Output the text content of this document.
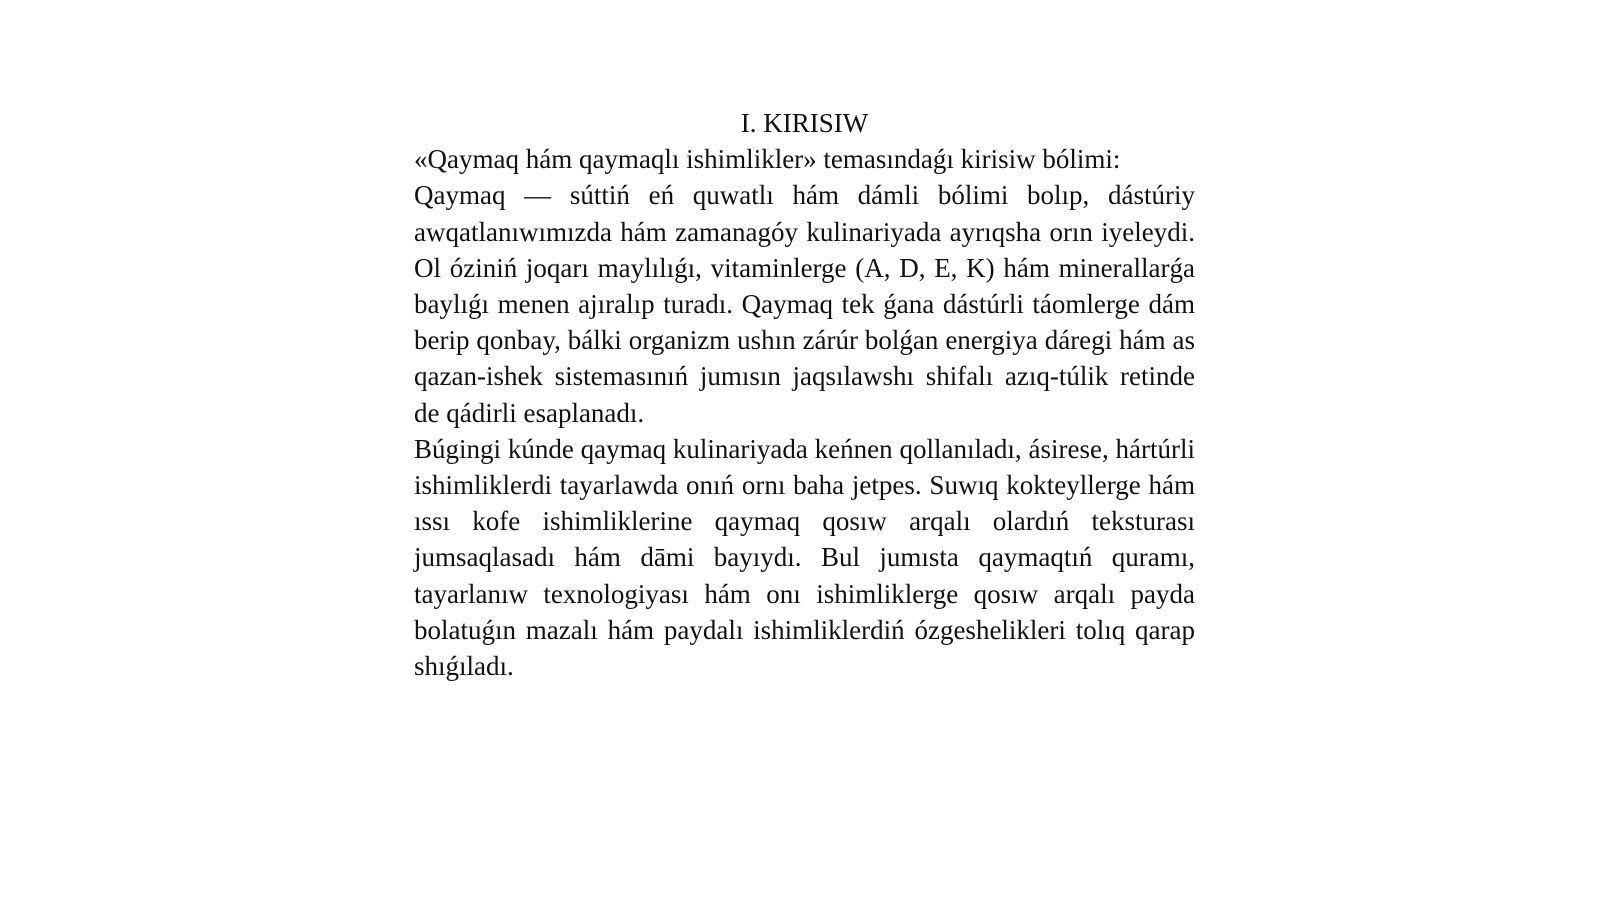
I. KIRISIW

«Qaymaq hám qaymaqlı ishimlikler» temasındaǵı kirisiw bólimi:

Qaymaq — súttiń eń quwatlı hám dámli bólimi bolıp, dástúriy awqatlanıwımızda hám zamanagóy kulinariyada ayrıqsha orın iyeleydi. Ol óziniń joqarı maylılıǵı, vitaminlerge (A, D, E, K) hám minerallarǵa baylıǵı menen ajıralıp turadı. Qaymaq tek ǵana dástúrli táomlerge dám berip qonbay, bálki organizm ushın zárúr bolǵan energiya dáregi hám as qazan-ishek sistemasınıń jumısın jaqsılawshı shifalı azıq-túlik retinde de qádirli esaplanadı.

Búgingi kúnde qaymaq kulinariyada keńnen qollanıladı, ásirese, hártúrli ishimliklerdi tayarlawda onıń ornı baha jetpes. Suwıq kokteyllerge hám ıssı kofe ishimliklerine qaymaq qosıw arqalı olardıń teksturası jumsaqlasadı hám dāmi bayıydı. Bul jumısta qaymaqtıń quramı, tayarlanıw texnologiyası hám onı ishimliklerge qosıw arqalı payda bolatuǵın mazalı hám paydalı ishimliklerdiń ózgeshelikleri tolıq qarap shıǵıladı.
